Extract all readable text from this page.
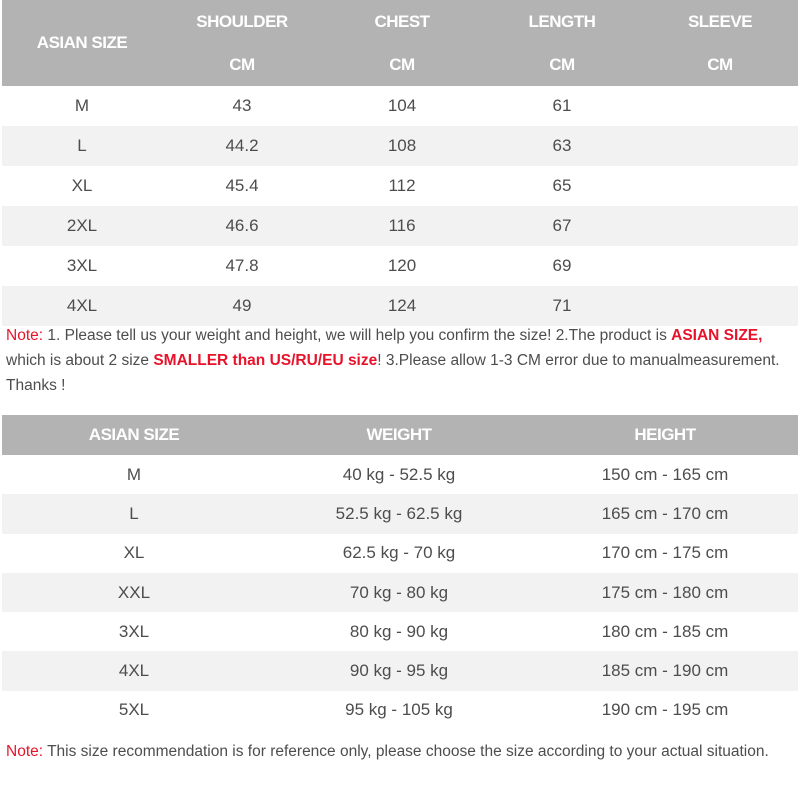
ASIAN SIZE	SHOULDER	CHEST	LENGTH	SLEEVE
	CM	CM	CM	CM
M	43	104	61	
L	44.2	108	63	
XL	45.4	112	65	
2XL	46.6	116	67	
3XL	47.8	120	69	
4XL	49	124	71	
Note: 1. Please tell us your weight and height, we will help you confirm the size! 2.The product is ASIAN SIZE, which is about 2 size SMALLER than US/RU/EU size! 3.Please allow 1-3 CM error due to manualmeasurement. Thanks !
ASIAN SIZE	WEIGHT	HEIGHT
M	40 kg - 52.5 kg	150 cm - 165 cm
L	52.5 kg - 62.5 kg	165 cm - 170 cm
XL	62.5 kg - 70 kg	170 cm - 175 cm
XXL	70 kg - 80 kg	175 cm - 180 cm
3XL	80 kg - 90 kg	180 cm - 185 cm
4XL	90 kg - 95 kg	185 cm - 190 cm
5XL	95 kg - 105 kg	190 cm - 195 cm
Note: This size recommendation is for reference only, please choose the size according to your actual situation.
